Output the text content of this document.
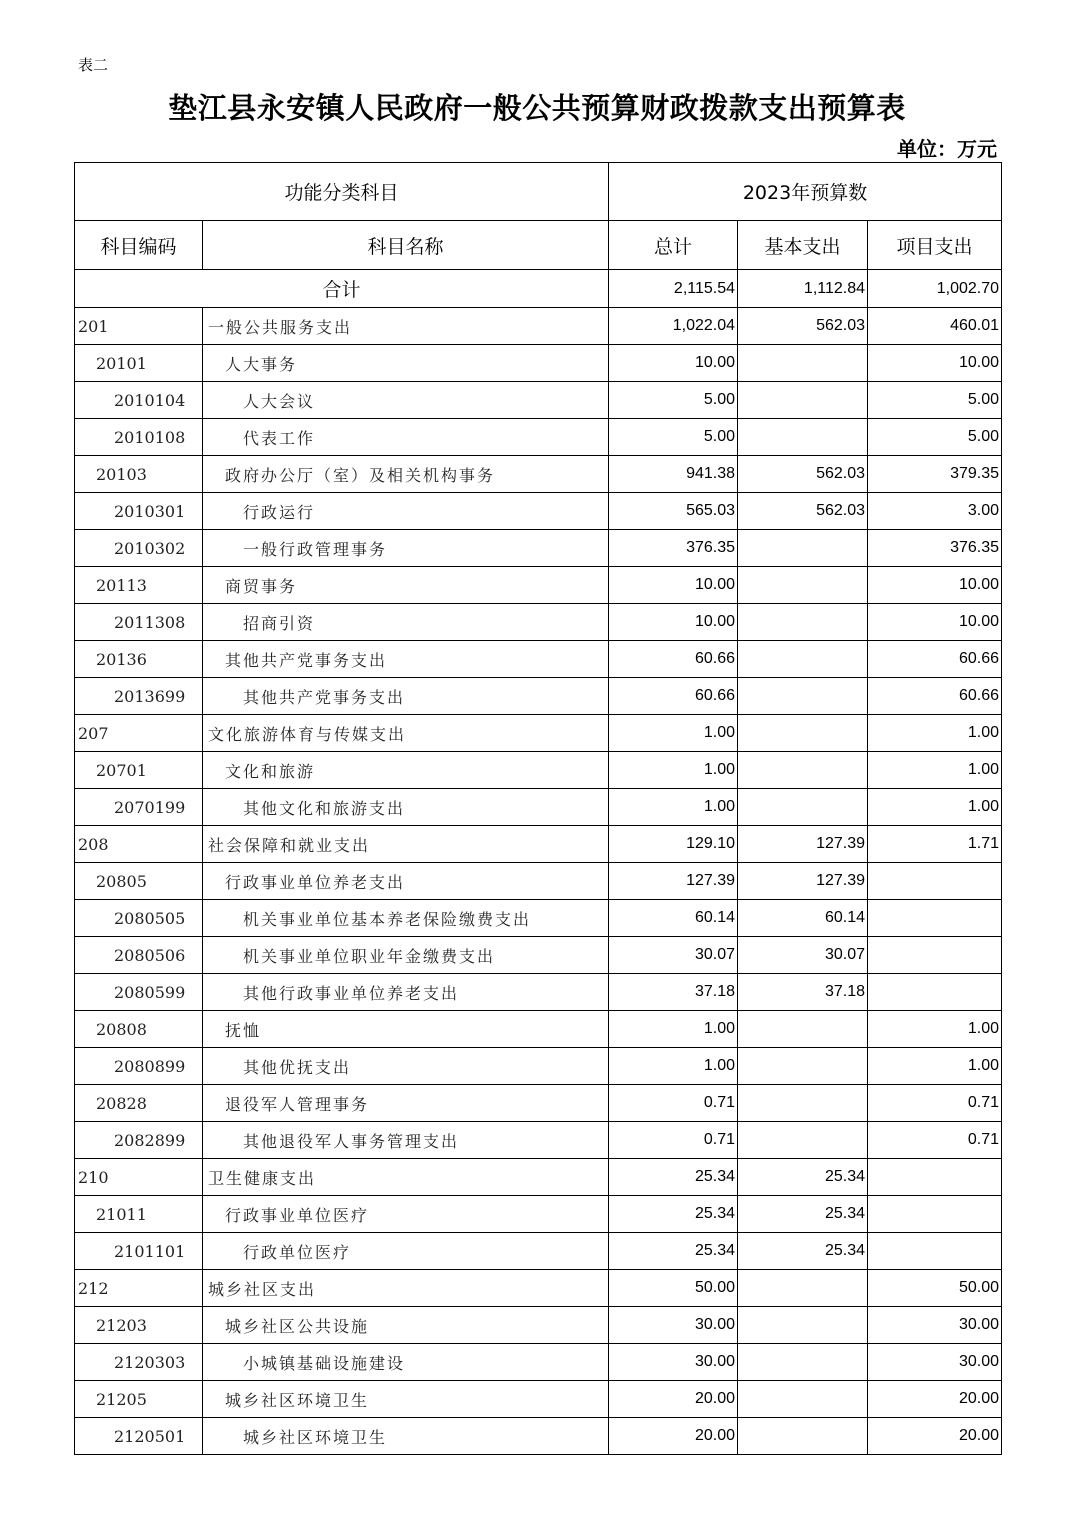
表二
垫江县永安镇人民政府一般公共预算财政拨款支出预算表
单位：万元
功能分类科目		2023年预算数		
科目编码	科目名称	总计	基本支出	项目支出
合计		2,115.54	1,112.84	1,002.70
201	一般公共服务支出	1,022.04	562.03	460.01
20101	人大事务	10.00		10.00
2010104	人大会议	5.00		5.00
2010108	代表工作	5.00		5.00
20103	政府办公厅（室）及相关机构事务	941.38	562.03	379.35
2010301	行政运行	565.03	562.03	3.00
2010302	一般行政管理事务	376.35		376.35
20113	商贸事务	10.00		10.00
2011308	招商引资	10.00		10.00
20136	其他共产党事务支出	60.66		60.66
2013699	其他共产党事务支出	60.66		60.66
207	文化旅游体育与传媒支出	1.00		1.00
20701	文化和旅游	1.00		1.00
2070199	其他文化和旅游支出	1.00		1.00
208	社会保障和就业支出	129.10	127.39	1.71
20805	行政事业单位养老支出	127.39	127.39	
2080505	机关事业单位基本养老保险缴费支出	60.14	60.14	
2080506	机关事业单位职业年金缴费支出	30.07	30.07	
2080599	其他行政事业单位养老支出	37.18	37.18	
20808	抚恤	1.00		1.00
2080899	其他优抚支出	1.00		1.00
20828	退役军人管理事务	0.71		0.71
2082899	其他退役军人事务管理支出	0.71		0.71
210	卫生健康支出	25.34	25.34	
21011	行政事业单位医疗	25.34	25.34	
2101101	行政单位医疗	25.34	25.34	
212	城乡社区支出	50.00		50.00
21203	城乡社区公共设施	30.00		30.00
2120303	小城镇基础设施建设	30.00		30.00
21205	城乡社区环境卫生	20.00		20.00
2120501	城乡社区环境卫生	20.00		20.00
